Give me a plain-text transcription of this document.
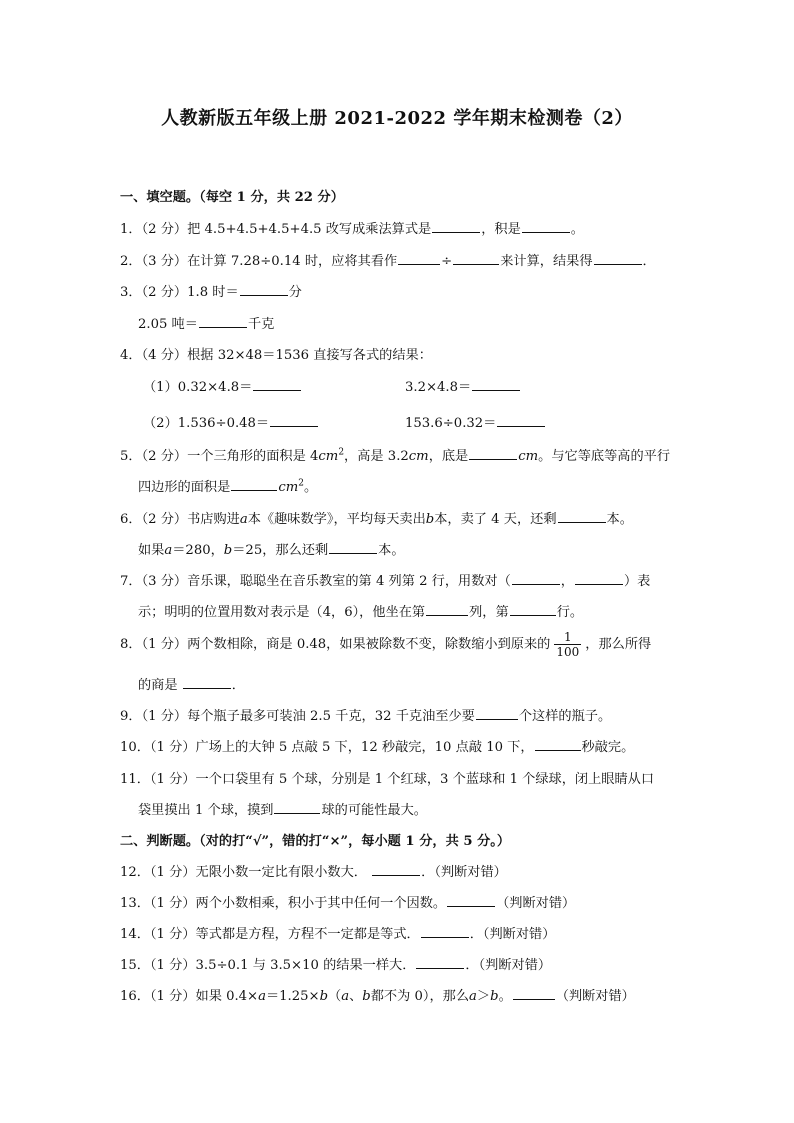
人教新版五年级上册 2021-2022 学年期末检测卷（2）
一、填空题。（每空 1 分，共 22 分）
1．（2 分）把 4.5+4.5+4.5+4.5 改写成乘法算式是	，积是	。
2．（3 分）在计算 7.28÷0.14 时，应将其看作	÷	来计算，结果得	．
3．（2 分）1.8 时＝	分
2.05 吨＝	千克
4．（4 分）根据 32×48＝1536 直接写各式的结果：
（1）0.32×4.8＝	3.2×4.8＝
（2）1.536÷0.48＝	153.6÷0.32＝
5．（2 分）一个三角形的面积是 $4cm^2$，高是 3.2cm，底是	cm。与它等底等高的平行
四边形的面积是	$cm^2$。
6．（2 分）书店购进a本《趣味数学》，平均每天卖出b本，卖了 4 天，还剩	本。
如果a＝280，b＝25，那么还剩	本。
7．（3 分）音乐课，聪聪坐在音乐教室的第 4 列第 2 行，用数对（	，	）表
示；明明的位置用数对表示是（4，6），他坐在第	列，第	行。
8．（1 分）两个数相除，商是 0.48，如果被除数不变，除数缩小到原来的 $\frac{1}{100}$ ，那么所得
的商是	．
9．（1 分）每个瓶子最多可装油 2.5 千克，32 千克油至少要	个这样的瓶子。
10．（1 分）广场上的大钟 5 点敲 5 下，12 秒敲完，10 点敲 10 下，	秒敲完。
11．（1 分）一个口袋里有 5 个球，分别是 1 个红球，3 个蓝球和 1 个绿球，闭上眼睛从口
袋里摸出 1 个球，摸到	球的可能性最大。
二、判断题。（对的打“√”，错的打“×”，每小题 1 分，共 5 分。）
12．（1 分）无限小数一定比有限小数大．	．（判断对错）
13．（1 分）两个小数相乘，积小于其中任何一个因数。	（判断对错）
14．（1 分）等式都是方程，方程不一定都是等式．	．（判断对错）
15．（1 分）3.5÷0.1 与 3.5×10 的结果一样大．	．（判断对错）
16．（1 分）如果 0.4×a＝1.25×b（a、b都不为 0），那么a＞b。	（判断对错）
